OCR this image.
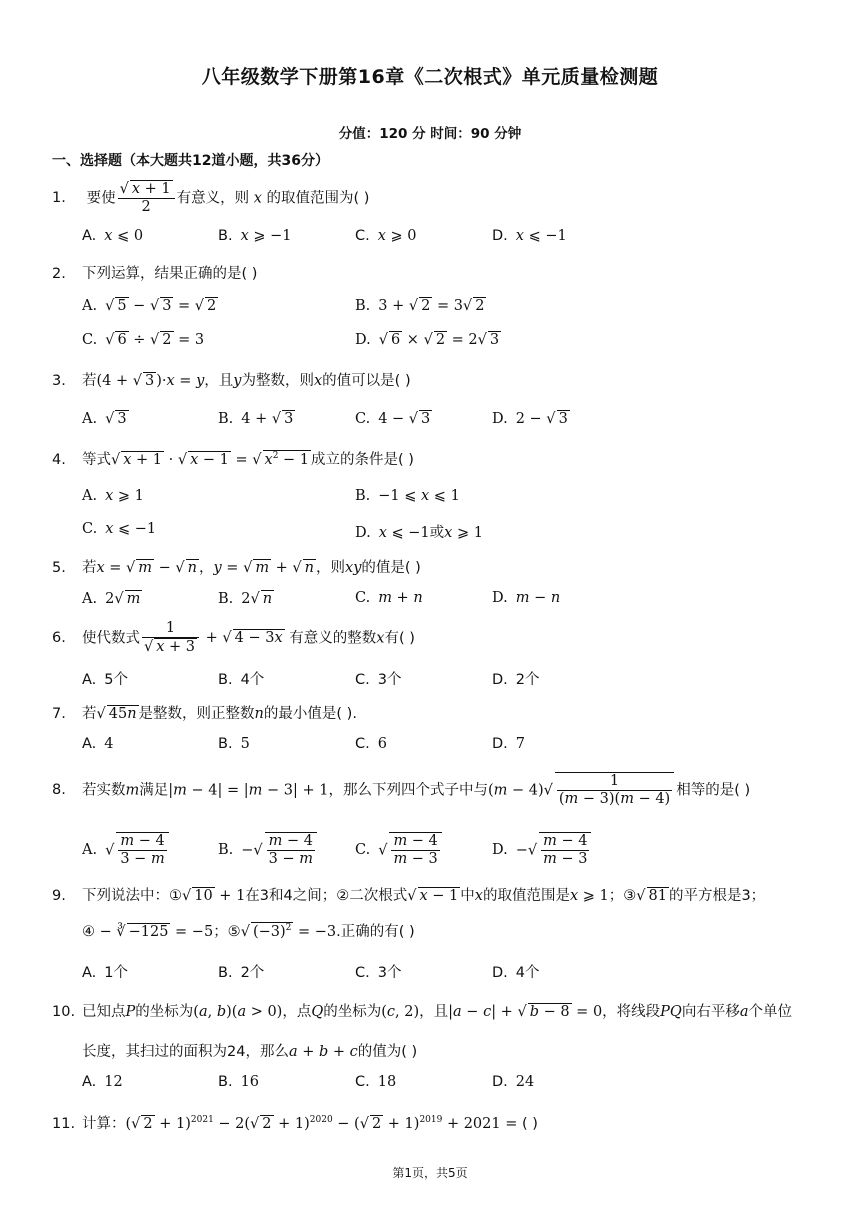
八年级数学下册第16章《二次根式》单元质量检测题
分值：120 分 时间：90 分钟
一、选择题（本大题共12道小题，共36分）
1. 要使 $\frac{√ x + 1}{2}$ 有意义，则 x 的取值范围为( )
A. x ⩽ 0	B. x ⩾ −1	C. x ⩾ 0	D. x ⩽ −1
2. 下列运算，结果正确的是( )
A. √ 5 − √ 3 = √ 2	B. 3 + √ 2 = 3√ 2
C. √ 6 ÷ √ 2 = 3	D. √ 6 × √ 2 = 2√ 3
3. 若(4 + √ 3 )·x = y，且y为整数，则x的值可以是( )
A. √ 3	B. 4 + √ 3	C. 4 − √ 3	D. 2 − √ 3
4. 等式√ x + 1 · √ x − 1 = √ $x^2 - 1$ 成立的条件是( )
A. x ⩾ 1	B. −1 ⩽ x ⩽ 1
C. x ⩽ −1	D. x ⩽ −1或x ⩾ 1
5. 若x = √ m − √ n ，y = √ m + √ n ，则xy的值是( )
A. 2√ m	B. 2√ n	C. m + n	D. m − n
6. 使代数式 $\frac{1}{√ x + 3}$ + √ 4 − 3x 有意义的整数x有( )
A. 5个	B. 4个	C. 3个	D. 2个
7. 若√ 45n 是整数，则正整数n的最小值是( ).
A. 4	B. 5	C. 6	D. 7
8. 若实数m满足|m − 4| = |m − 3| + 1，那么下列四个式子中与$(m - 4)√ \frac{1}{(m - 3)(m - 4)}$ 相等的是( )
A. √ $\frac{m - 4}{3 - m}$	B. −√ $\frac{m - 4}{3 - m}$	C. √ $\frac{m - 4}{m - 3}$	D. −√ $\frac{m - 4}{m - 3}$
9. 下列说法中：①√ 10 + 1在3和4之间；②二次根式√ x − 1 中x的取值范围是x ⩾ 1；③√ 81 的平方根是3；
④ − ∛ −125 = −5；⑤√ $(-3)^2 = -3$.正确的有( )
A. 1个	B. 2个	C. 3个	D. 4个
10. 已知点P的坐标为(a, b)(a > 0)，点Q的坐标为(c, 2)，且|a − c| + √ b − 8 = 0，将线段PQ向右平移a个单位
长度，其扫过的面积为24，那么a + b + c的值为( )
A. 12	B. 16	C. 18	D. 24
11. 计算：(√ 2 + 1)$^{2021}$ − 2(√ 2 + 1)$^{2020}$ − (√ 2 + 1)$^{2019}$ + 2021 = ( )
第1页，共5页
